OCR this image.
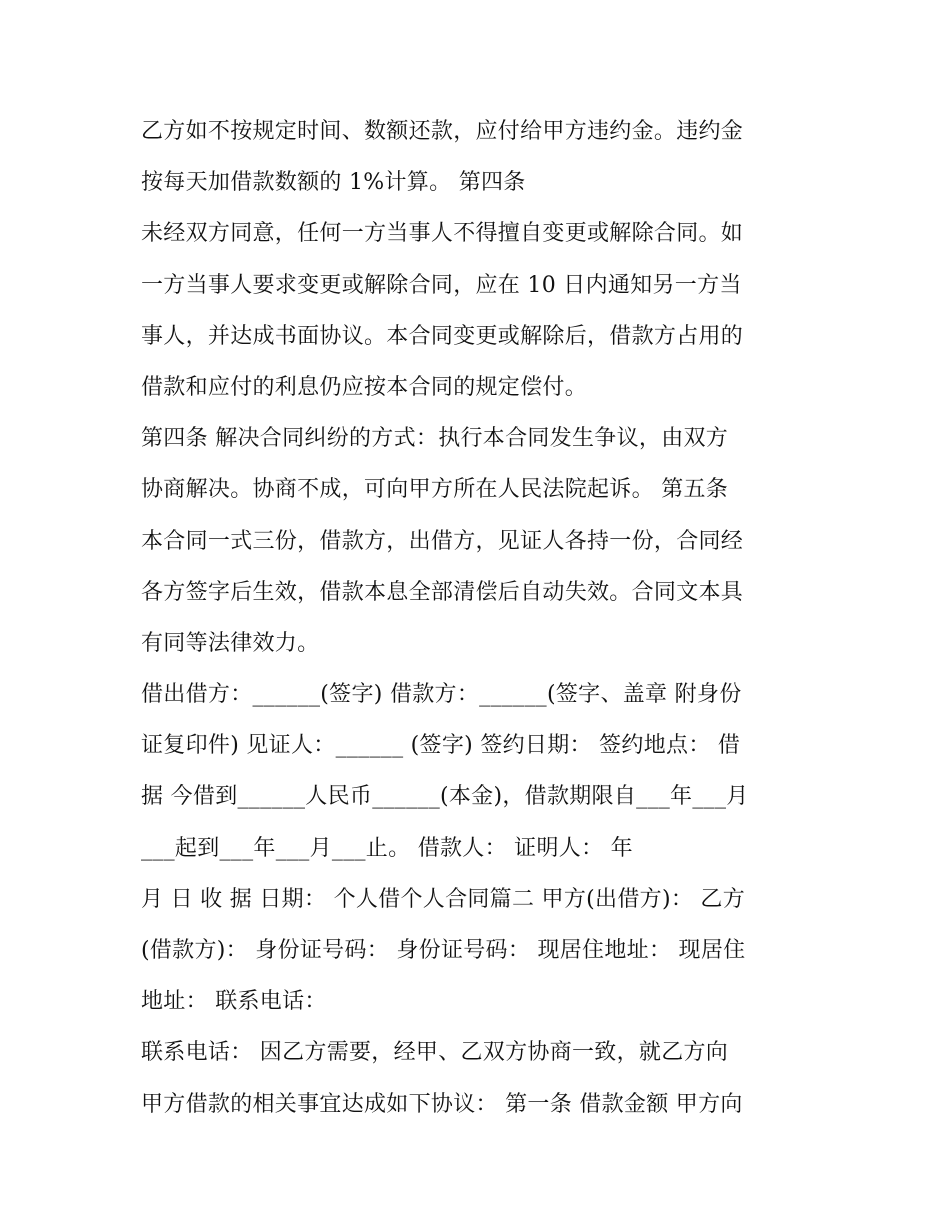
乙方如不按规定时间、数额还款，应付给甲方违约金。违约金
按每天加借款数额的 1%计算。 第四条
未经双方同意，任何一方当事人不得擅自变更或解除合同。如
一方当事人要求变更或解除合同，应在 10 日内通知另一方当
事人，并达成书面协议。本合同变更或解除后，借款方占用的
借款和应付的利息仍应按本合同的规定偿付。
第四条 解决合同纠纷的方式：执行本合同发生争议，由双方
协商解决。协商不成，可向甲方所在人民法院起诉。 第五条
本合同一式三份，借款方，出借方，见证人各持一份，合同经
各方签字后生效，借款本息全部清偿后自动失效。合同文本具
有同等法律效力。
借出借方：______(签字) 借款方：______(签字、盖章 附身份
证复印件) 见证人：______ (签字) 签约日期： 签约地点： 借
据 今借到______人民币______(本金)，借款期限自___年___月
___起到___年___月___止。 借款人： 证明人： 年
月 日 收 据 日期： 个人借个人合同篇二 甲方(出借方)： 乙方
(借款方)： 身份证号码： 身份证号码： 现居住地址： 现居住
地址： 联系电话：
联系电话： 因乙方需要，经甲、乙双方协商一致，就乙方向
甲方借款的相关事宜达成如下协议： 第一条 借款金额 甲方向
